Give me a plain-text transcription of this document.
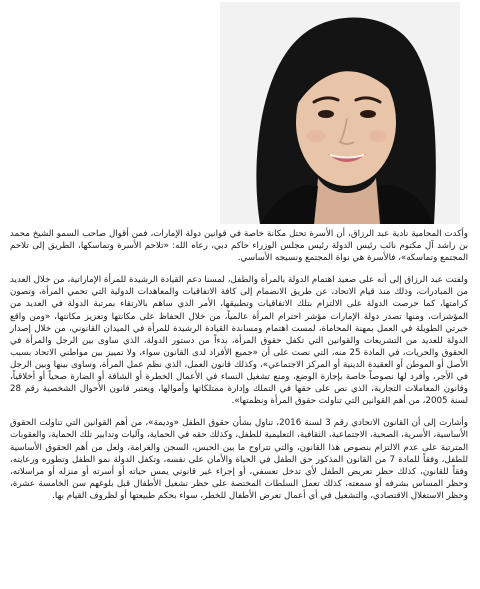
وأكدت المحامية نادية عبد الرزاق، أن الأسرة تحتل مكانة خاصة في قوانين دولة الإمارات، فمن أقوال صاحب السمو الشيخ محمد بن راشد آل مكتوم نائب رئيس الدولة رئيس مجلس الوزراء حاكم دبي، رعاه الله: «تلاحم الأسرة وتماسكها، الطريق إلى تلاحم المجتمع وتماسكه»، فالأسرة هي نواة المجتمع ونسيجه الأساسي.

ولفتت عبد الرزاق إلى أنه على صعيد اهتمام الدولة بالمرأة والطفل، لمسنا دعم القيادة الرشيدة للمرأة الإماراتية، من خلال العديد من المبادرات، وذلك منذ قيام الاتحاد، عن طريق الانضمام إلى كافة الاتفاقيات والمعاهدات الدولية التي تحمي المرأة، وتصون كرامتها، كما حرصت الدولة على الالتزام بتلك الاتفاقيات وتطبيقها، الأمر الذي ساهم بالارتقاء بمرتبة الدولة في العديد من المؤشرات، ومنها تصدر دولة الإمارات مؤشر احترام المرأة عالمياً، من خلال الحفاظ على مكانتها وتعزيز مكانتها، «ومن واقع خبرتي الطويلة في العمل بمهنة المحاماة، لمست اهتمام ومساندة القيادة الرشيدة للمرأة في الميدان القانوني، من خلال إصدار الدولة للعديد من التشريعات والقوانين التي تكفل حقوق المرأة، بدءاً من دستور الدولة، الذي ساوى بين الرجل والمرأة في الحقوق والحريات، في المادة 25 منه، التي نصت على أن «جميع الأفراد لدى القانون سواء، ولا تمييز بين مواطني الاتحاد بسبب الأصل أو الموطن أو العقيدة الدينية أو المركز الاجتماعي»، وكذلك قانون العمل، الذي نظم عمل المرأة، وساوى بينها وبين الرجل في الأجر، وأفرد لها نصوصاً خاصة بإجازة الوضع، ومنع تشغيل النساء في الأعمال الخطرة أو الشاقة أو الضارة صحياً أو أخلاقياً، وقانون المعاملات التجارية، الذي نص على حقها في التملك وإدارة ممتلكاتها وأموالها، ويعتبر قانون الأحوال الشخصية رقم 28 لسنة 2005، من أهم القوانين التي تناولت حقوق المرأة ونظمتها».

وأشارت إلى أن القانون الاتحادي رقم 3 لسنة 2016، تناول بشأن حقوق الطفل «وديمة»، من أهم القوانين التي تناولت الحقوق الأساسية، الأسرية، الصحية، الاجتماعية، الثقافية، التعليمية للطفل، وكذلك حقه في الحماية، وآليات وتدابير تلك الحماية، والعقوبات المترتبة على عدم الالتزام بنصوص هذا القانون، والتي تتراوح ما بين الحبس، السجن والغرامة، ولعل من أهم الحقوق الأساسية للطفل، وفقاً للمادة 7 من القانون المذكور حق الطفل في الحياة والأمان على نفسه، وتكفل الدولة نمو الطفل وتطوره ورعايته، وفقاً للقانون، كذلك حظر تعريض الطفل لأي تدخل تعسفي، أو إجراء غير قانوني يمس حياته أو أسرته أو منزله أو مراسلاته، وحظر المساس بشرفه أو سمعته، كذلك تعمل السلطات المختصة على حظر تشغيل الأطفال قبل بلوغهم سن الخامسة عشرة، وحظر الاستغلال الاقتصادي، والتشغيل في أي أعمال تعرض الأطفال للخطر، سواء بحكم طبيعتها أو لظروف القيام بها.
